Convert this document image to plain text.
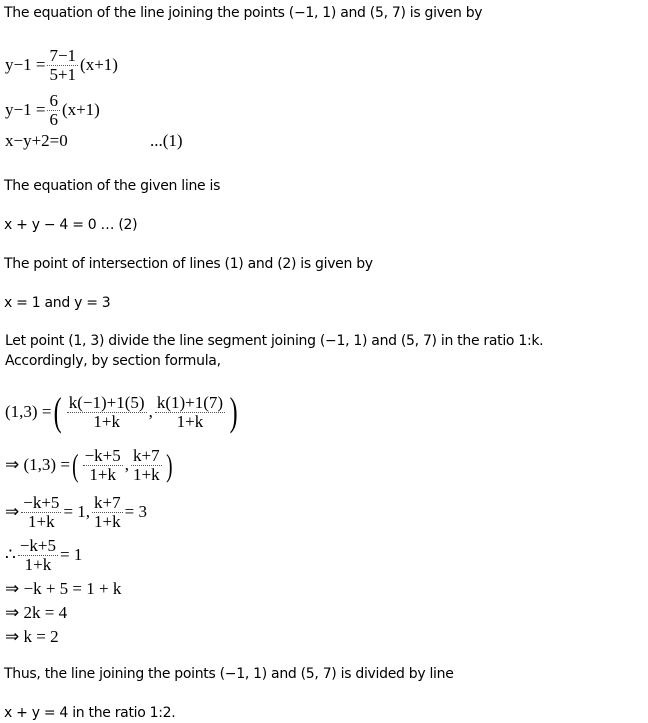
The equation of the line joining the points (−1, 1) and (5, 7) is given by
$y-1 = \frac{7-1}{5+1} (x+1)$
$y-1 = \frac{6}{6} (x+1)$
x−y+2=0	...(1)
The equation of the given line is
x + y − 4 = 0 … (2)
The point of intersection of lines (1) and (2) is given by
x = 1 and y = 3
Let point (1, 3) divide the line segment joining (−1, 1) and (5, 7) in the ratio 1:k.
Accordingly, by section formula,
(1,3) = ( $\frac{k(-1)+1(5)}{1+k}$ , $\frac{k(1)+1(7)}{1+k}$ )
⇒ (1,3) = ( $\frac{-k+5}{1+k}$ , $\frac{k+7}{1+k}$ )
⇒ $\frac{-k+5}{1+k} = 1$, $\frac{k+7}{1+k} = 3$
∴ $\frac{-k+5}{1+k} = 1$
⇒ −k + 5 = 1 + k
⇒ 2k = 4
⇒ k = 2
Thus, the line joining the points (−1, 1) and (5, 7) is divided by line
x + y = 4 in the ratio 1:2.
